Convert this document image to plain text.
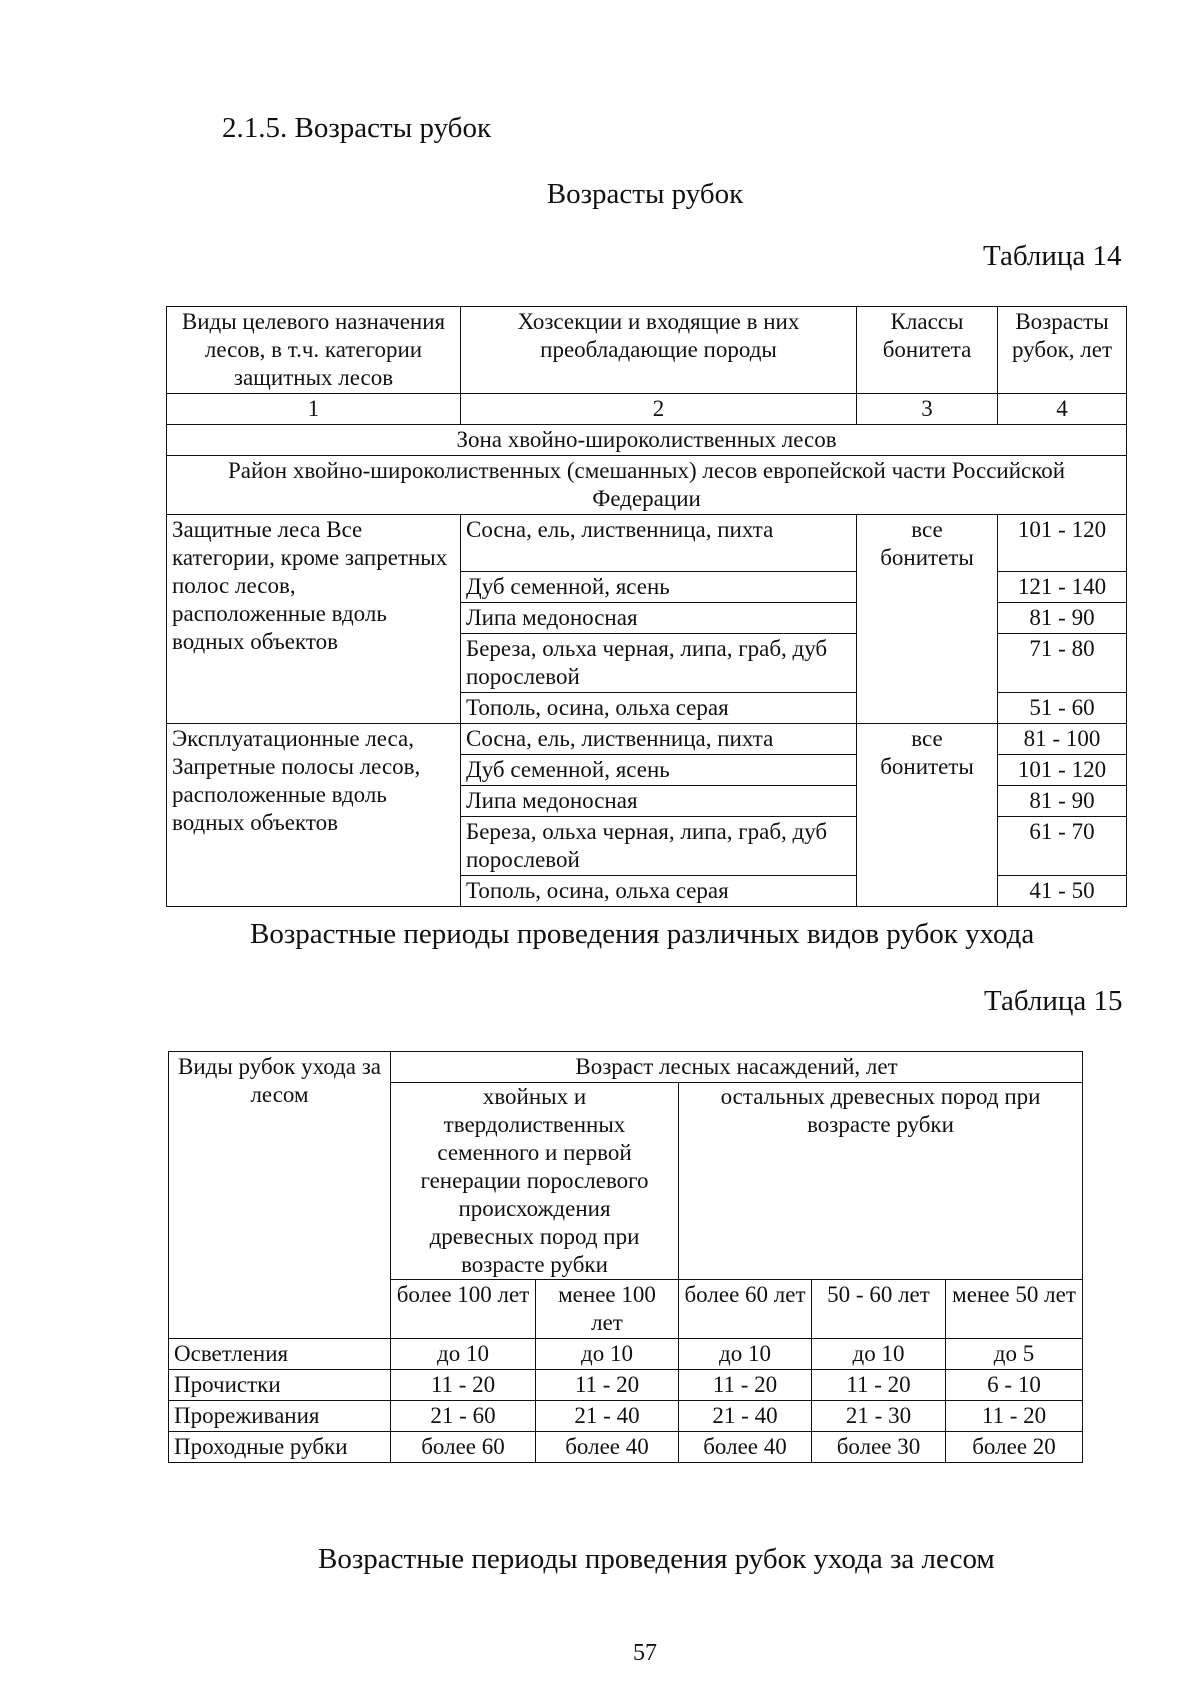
2.1.5. Возрасты рубок
Возрасты рубок
Таблица 14
Виды целевого назначения лесов, в т.ч. категории защитных лесов	Хозсекции и входящие в них преобладающие породы	Классы бонитета	Возрасты рубок, лет
1	2	3	4
Зона хвойно-широколиственных лесов			
Район хвойно-широколиственных (смешанных) лесов европейской части Российской Федерации			
Защитные леса Все категории, кроме запретных полос лесов, расположенные вдоль водных объектов	Сосна, ель, лиственница, пихта	все бонитеты	101 - 120
	Дуб семенной, ясень		121 - 140
	Липа медоносная		81 - 90
	Береза, ольха черная, липа, граб, дуб порослевой		71 - 80
	Тополь, осина, ольха серая		51 - 60
Эксплуатационные леса, Запретные полосы лесов, расположенные вдоль водных объектов	Сосна, ель, лиственница, пихта	все бонитеты	81 - 100
	Дуб семенной, ясень		101 - 120
	Липа медоносная		81 - 90
	Береза, ольха черная, липа, граб, дуб порослевой		61 - 70
	Тополь, осина, ольха серая		41 - 50
Возрастные периоды проведения различных видов рубок ухода
Таблица 15
Виды рубок ухода за лесом	Возраст лесных насаждений, лет				
	хвойных и твердолиственных семенного и первой генерации порослевого происхождения древесных пород при возрасте рубки		остальных древесных пород при возрасте рубки		
	более 100 лет	менее 100 лет	более 60 лет	50 - 60 лет	менее 50 лет
Осветления	до 10	до 10	до 10	до 10	до 5
Прочистки	11 - 20	11 - 20	11 - 20	11 - 20	6 - 10
Прореживания	21 - 60	21 - 40	21 - 40	21 - 30	11 - 20
Проходные рубки	более 60	более 40	более 40	более 30	более 20
Возрастные периоды проведения рубок ухода за лесом
57
